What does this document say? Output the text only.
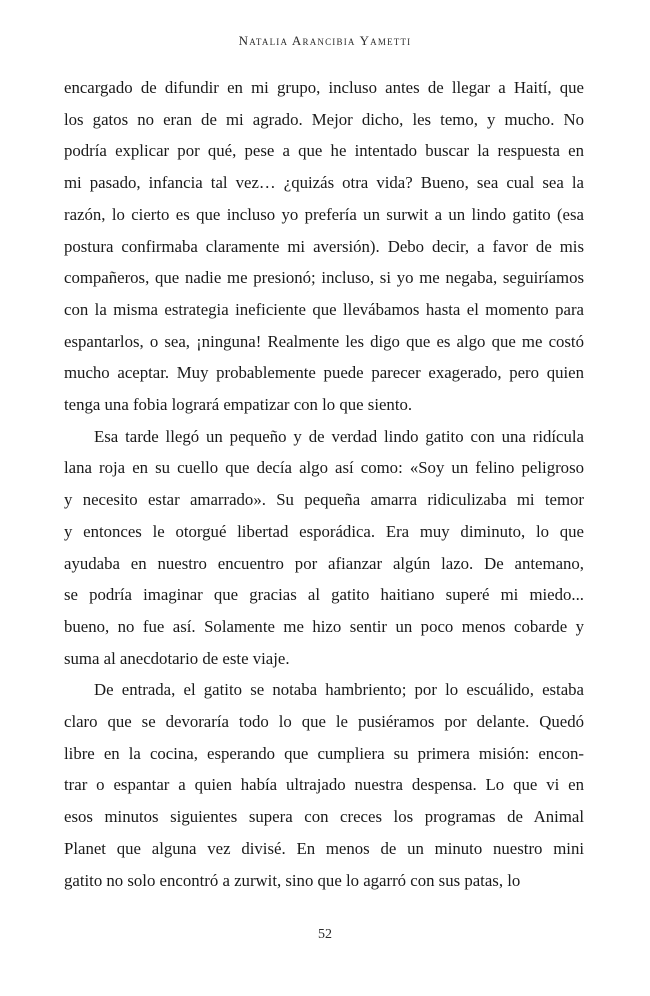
Natalia Arancibia Yametti

encargado de difundir en mi grupo, incluso antes de llegar a Haití, que
los gatos no eran de mi agrado. Mejor dicho, les temo, y mucho. No
podría explicar por qué, pese a que he intentado buscar la respuesta en
mi pasado, infancia tal vez… ¿quizás otra vida? Bueno, sea cual sea la
razón, lo cierto es que incluso yo prefería un surwit a un lindo gatito (esa
postura confirmaba claramente mi aversión). Debo decir, a favor de mis
compañeros, que nadie me presionó; incluso, si yo me negaba, seguiríamos
con la misma estrategia ineficiente que llevábamos hasta el momento para
espantarlos, o sea, ¡ninguna! Realmente les digo que es algo que me costó
mucho aceptar. Muy probablemente puede parecer exagerado, pero quien
tenga una fobia logrará empatizar con lo que siento.

Esa tarde llegó un pequeño y de verdad lindo gatito con una ridícula
lana roja en su cuello que decía algo así como: «Soy un felino peligroso
y necesito estar amarrado». Su pequeña amarra ridiculizaba mi temor
y entonces le otorgué libertad esporádica. Era muy diminuto, lo que
ayudaba en nuestro encuentro por afianzar algún lazo. De antemano,
se podría imaginar que gracias al gatito haitiano superé mi miedo...
bueno, no fue así. Solamente me hizo sentir un poco menos cobarde y
suma al anecdotario de este viaje.

De entrada, el gatito se notaba hambriento; por lo escuálido, estaba
claro que se devoraría todo lo que le pusiéramos por delante. Quedó
libre en la cocina, esperando que cumpliera su primera misión: encon-
trar o espantar a quien había ultrajado nuestra despensa. Lo que vi en
esos minutos siguientes supera con creces los programas de Animal
Planet que alguna vez divisé. En menos de un minuto nuestro mini
gatito no solo encontró a zurwit, sino que lo agarró con sus patas, lo

52
